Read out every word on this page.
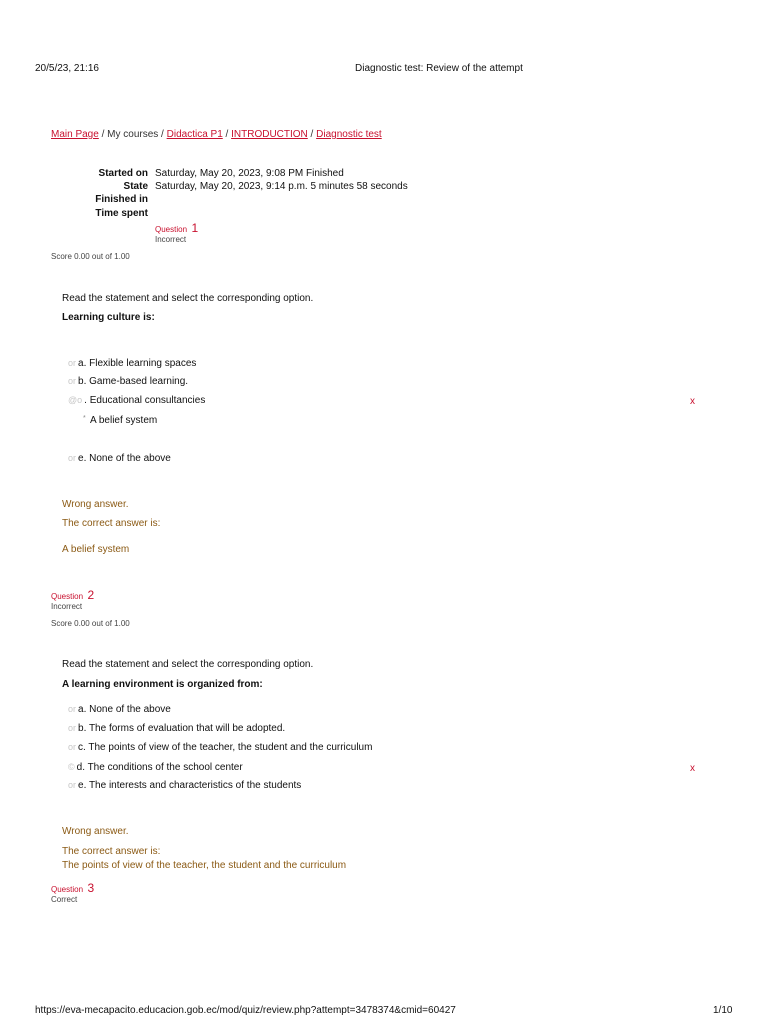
20/5/23, 21:16	Diagnostic test: Review of the attempt
Main Page / My courses / Didactica P1 / INTRODUCTION / Diagnostic test
Started on Saturday, May 20, 2023, 9:08 PM Finished
State Saturday, May 20, 2023, 9:14 p.m. 5 minutes 58 seconds
Finished in
Time spent
Question 1
Incorrect
Score 0.00 out of 1.00
Read the statement and select the corresponding option.
Learning culture is:
or a. Flexible learning spaces
or b. Game-based learning.
@o . Educational consultancies	x
* A belief system
or e. None of the above
Wrong answer.
The correct answer is:
A belief system
Question 2
Incorrect
Score 0.00 out of 1.00
Read the statement and select the corresponding option.
A learning environment is organized from:
or a. None of the above
or b. The forms of evaluation that will be adopted.
or c. The points of view of the teacher, the student and the curriculum
© d. The conditions of the school center	x
or e. The interests and characteristics of the students
Wrong answer.
The correct answer is:
The points of view of the teacher, the student and the curriculum
Question 3
Correct
https://eva-mecapacito.educacion.gob.ec/mod/quiz/review.php?attempt=3478374&cmid=60427	1/10
